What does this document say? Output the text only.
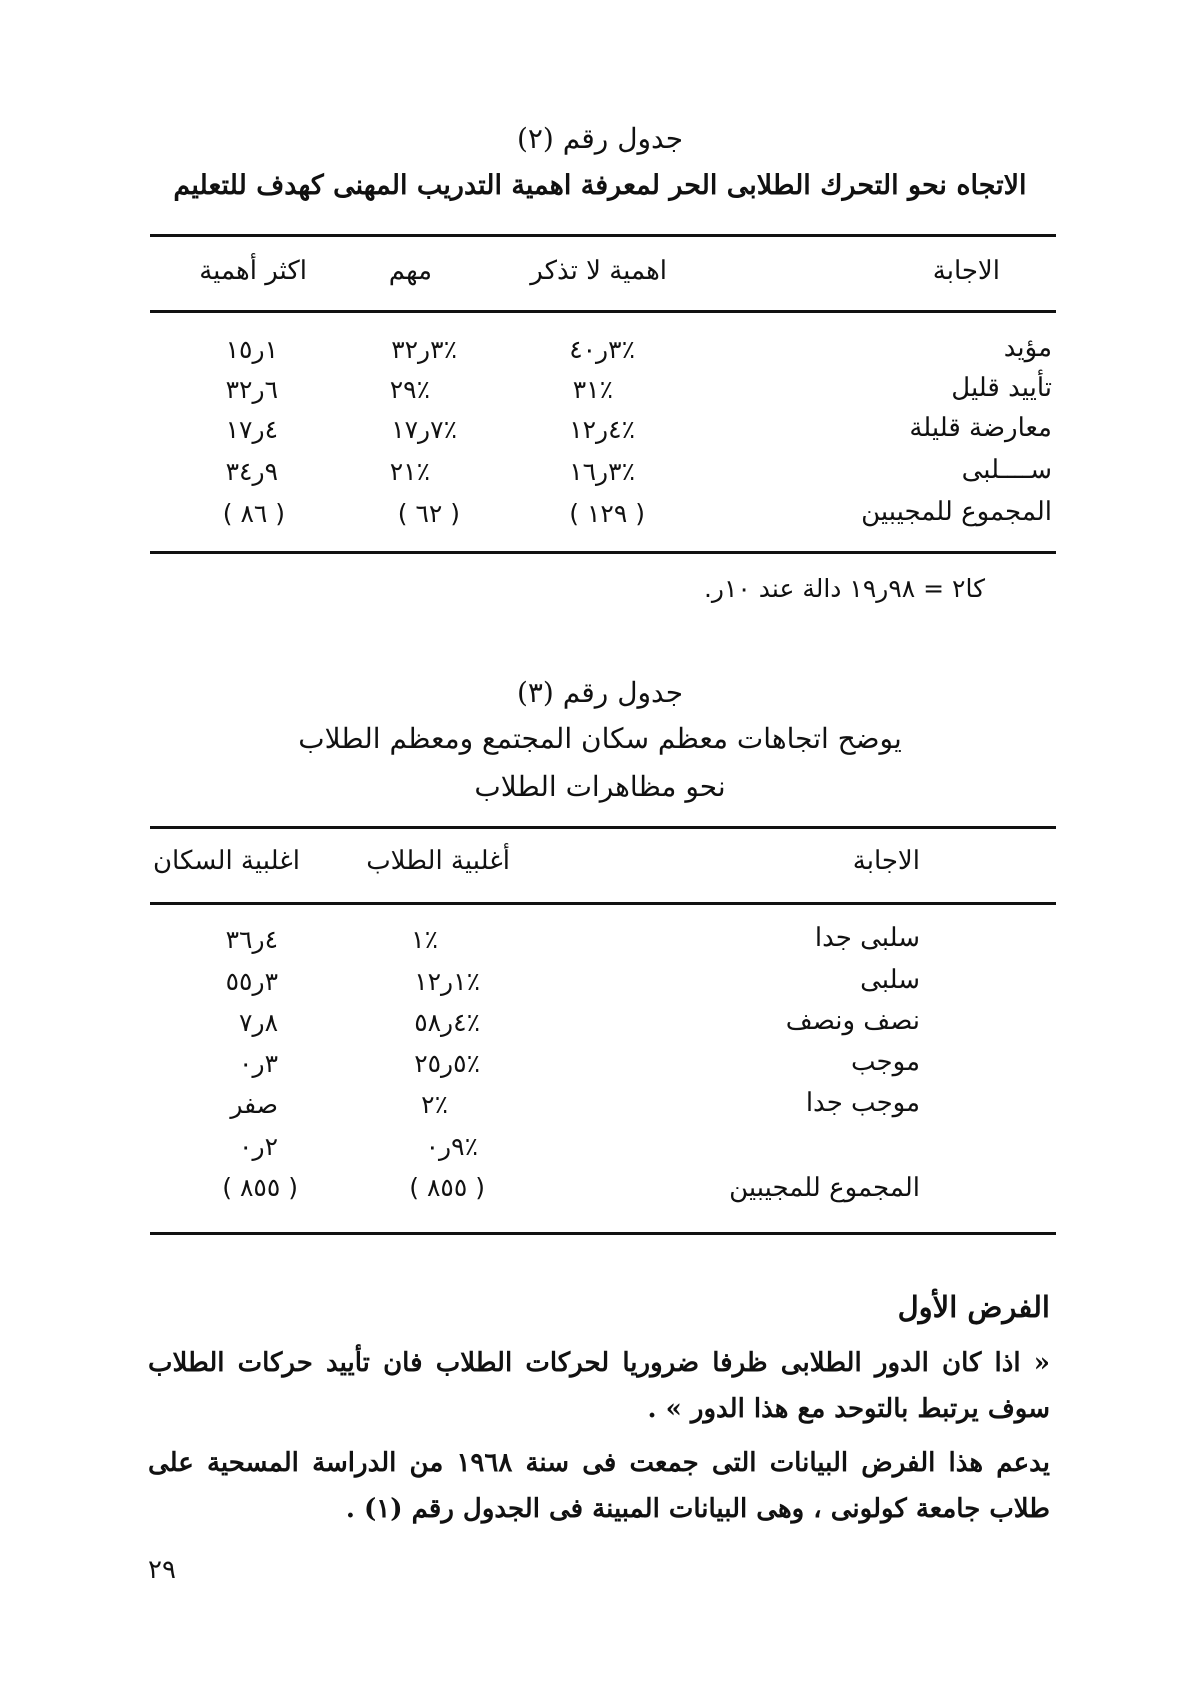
جدول رقم (٢)
الاتجاه نحو التحرك الطلابى الحر لمعرفة اهمية التدريب المهنى كهدف للتعليم
الاجابة
اهمية لا تذكر
مهم
اكثر أهمية
مؤيد
٪٣ر٤٠
٪٣ر٣٢
١ر١٥
تأييد قليل
٪٣١
٪٢٩
٦ر٣٢
معارضة قليلة
٪٤ر١٢
٪٧ر١٧
٤ر١٧
ســــلبى
٪٣ر١٦
٪٢١
٩ر٣٤
المجموع للمجيبين
( ١٢٩ )
( ٦٢ )
( ٨٦ )
كا٢ = ٩٨ر١٩ دالة عند ١٠ر.
جدول رقم (٣)
يوضح اتجاهات معظم سكان المجتمع ومعظم الطلاب
نحو مظاهرات الطلاب
الاجابة
أغلبية الطلاب
اغلبية السكان
سلبى جدا
٪١
٤ر٣٦
سلبى
٪١ر١٢
٣ر٥٥
نصف ونصف
٪٤ر٥٨
٨ر٧
موجب
٪٥ر٢٥
٣ر٠
موجب جدا
٪٢
صفر
٪٩ر٠
٢ر٠
المجموع للمجيبين
( ٨٥٥ )
( ٨٥٥ )
الفرض الأول
« اذا كان الدور الطلابى ظرفا ضروريا لحركات الطلاب فان تأييد حركات الطلاب سوف يرتبط بالتوحد مع هذا الدور » .
يدعم هذا الفرض البيانات التى جمعت فى سنة ١٩٦٨ من الدراسة المسحية على طلاب جامعة كولونى ، وهى البيانات المبينة فى الجدول رقم (١) .
٢٩
